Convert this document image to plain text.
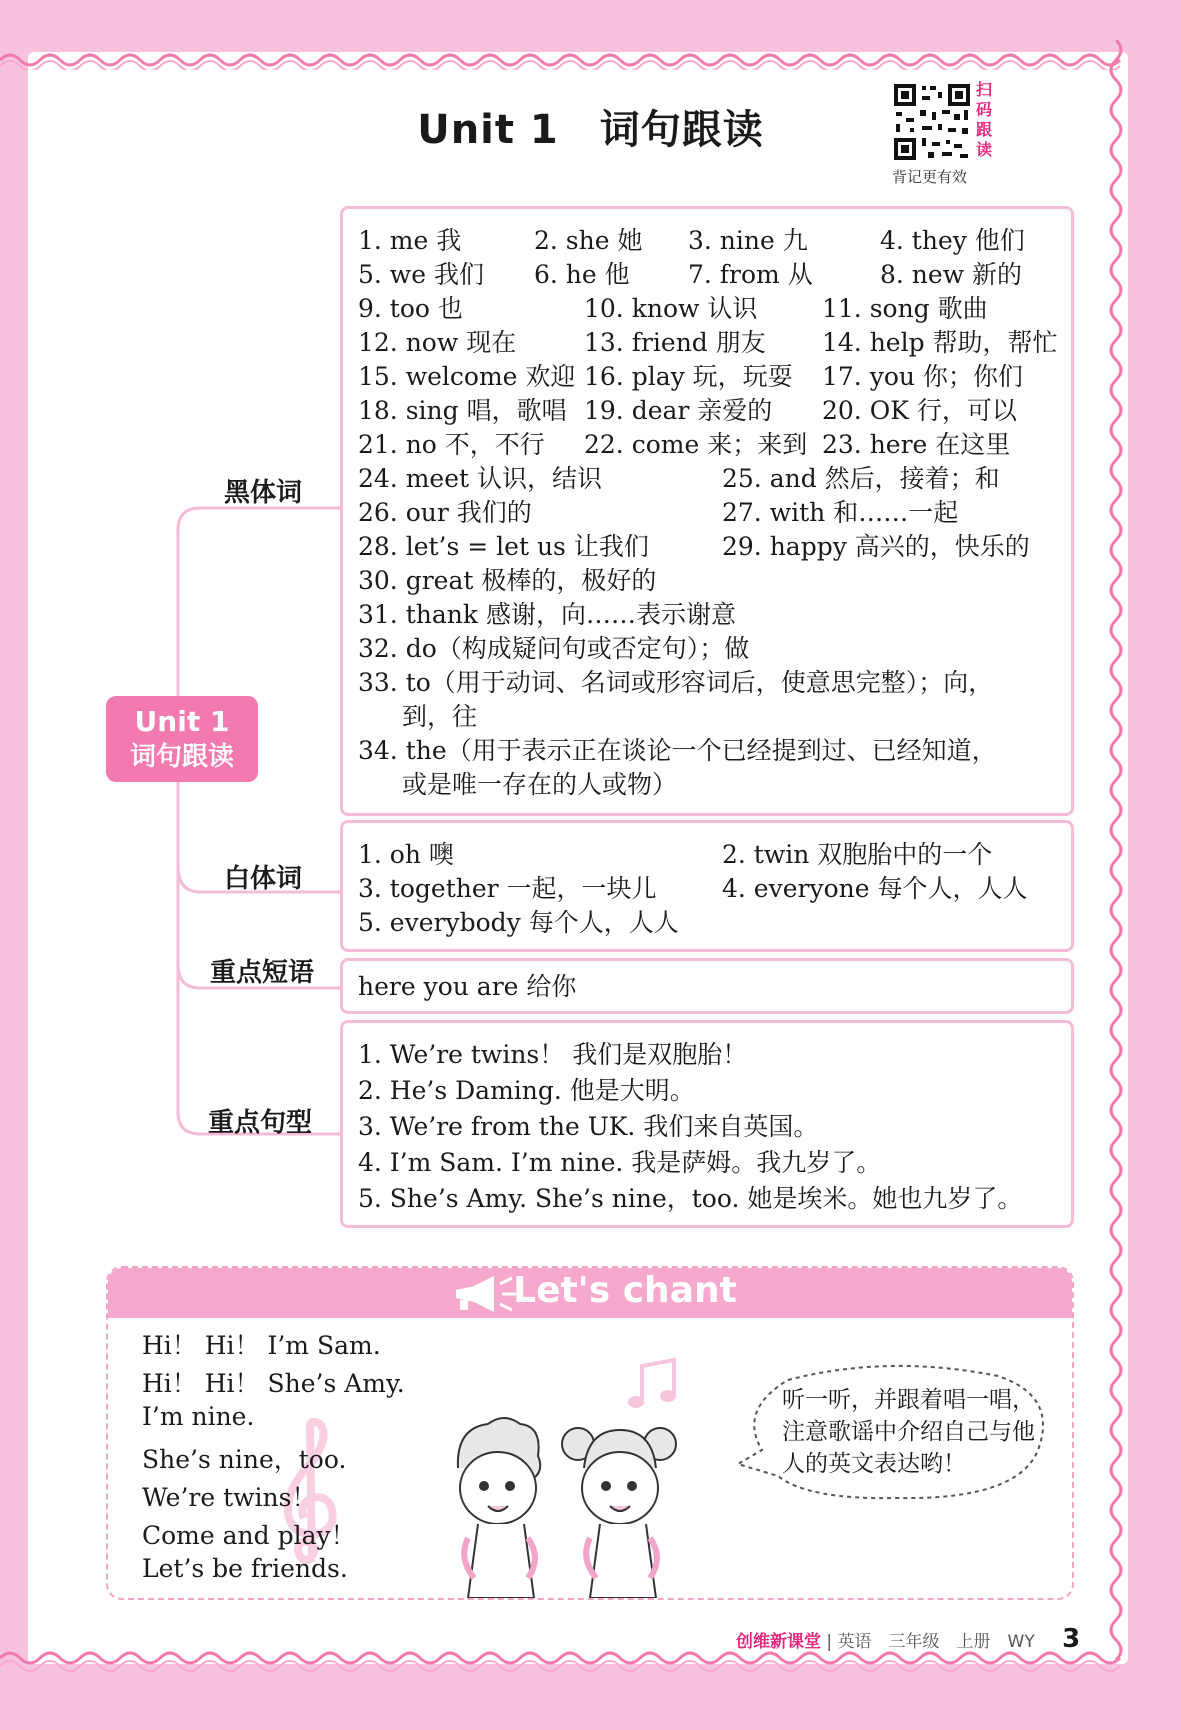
Unit 1　词句跟读
扫
码
跟
读
背记更有效
Unit 1
词句跟读
黑体词
白体词
重点短语
重点句型
1. me 我	2. she 她 3. nine 九	4. they 他们
5. we 我们 6. he 他 7. from 从	8. new 新的
9. too 也	10. know 认识	11. song 歌曲
12. now 现在	13. friend 朋友 14. help 帮助，帮忙
15. welcome 欢迎 16. play 玩，玩耍 17. you 你；你们
18. sing 唱，歌唱 19. dear 亲爱的 20. OK 行，可以
21. no 不，不行 22. come 来；来到 23. here 在这里
24. meet 认识，结识	25. and 然后，接着；和
26. our 我们的	27. with 和……一起
28. let’s = let us 让我们	29. happy 高兴的，快乐的
30. great 极棒的，极好的
31. thank 感谢，向……表示谢意
32. do（构成疑问句或否定句）；做
33. to（用于动词、名词或形容词后，使意思完整）；向，
到，往
34. the（用于表示正在谈论一个已经提到过、已经知道，
或是唯一存在的人或物）
1. oh 噢	2. twin 双胞胎中的一个
3. together 一起，一块儿	4. everyone 每个人，人人
5. everybody 每个人，人人
here you are 给你
1. We’re twins！ 我们是双胞胎！
2. He’s Daming. 他是大明。
3. We’re from the UK. 我们来自英国。
4. I’m Sam. I’m nine. 我是萨姆。我九岁了。
5. She’s Amy. She’s nine，too. 她是埃米。她也九岁了。
Let's chant
Hi！ Hi！ I’m Sam.
Hi！ Hi！ She’s Amy.
I’m nine.
She’s nine，too.
We’re twins！
Come and play！
Let’s be friends.
听一听，并跟着唱一唱，注意歌谣中介绍自己与他人的英文表达哟！
创维新课堂 | 英语　三年级　上册　WY 3
